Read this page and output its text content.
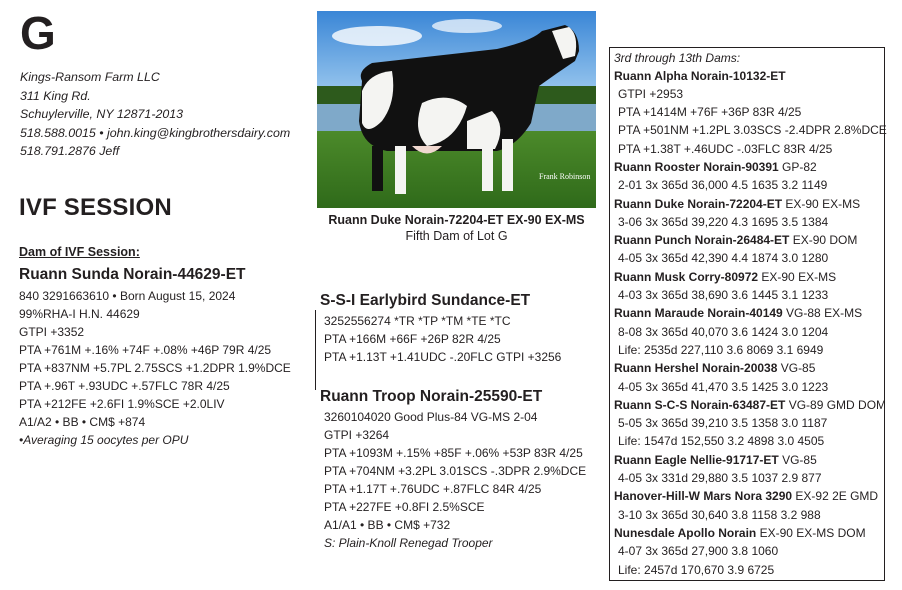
G
Kings-Ransom Farm LLC
311 King Rd.
Schuylerville, NY 12871-2013
518.588.0015 • john.king@kingbrothersdairy.com
518.791.2876 Jeff
IVF SESSION
Dam of IVF Session:
Ruann Sunda Norain-44629-ET
840 3291663610 • Born August 15, 2024
99%RHA-I H.N. 44629
GTPI +3352
PTA +761M +.16% +74F +.08% +46P 79R 4/25
PTA +837NM +5.7PL 2.75SCS +1.2DPR 1.9%DCE
PTA +.96T +.93UDC +.57FLC 78R 4/25
PTA +212FE +2.6FI 1.9%SCE +2.0LIV
A1/A2 • BB • CM$ +874
•Averaging 15 oocytes per OPU
Frank Robinson
Ruann Duke Norain-72204-ET EX-90 EX-MS
Fifth Dam of Lot G
S-S-I Earlybird Sundance-ET
3252556274 *TR *TP *TM *TE *TC
PTA +166M +66F +26P 82R 4/25
PTA +1.13T +1.41UDC -.20FLC GTPI +3256
Ruann Troop Norain-25590-ET
3260104020 Good Plus-84 VG-MS 2-04
GTPI +3264
PTA +1093M +.15% +85F +.06% +53P 83R 4/25
PTA +704NM +3.2PL 3.01SCS -.3DPR 2.9%DCE
PTA +1.17T +.76UDC +.87FLC 84R 4/25
PTA +227FE +0.8FI 2.5%SCE
A1/A1 • BB • CM$ +732
S: Plain-Knoll Renegad Trooper
3rd through 13th Dams:
Ruann Alpha Norain-10132-ET
GTPI +2953
PTA +1414M +76F +36P 83R 4/25
PTA +501NM +1.2PL 3.03SCS -2.4DPR 2.8%DCE
PTA +1.38T +.46UDC -.03FLC 83R 4/25
Ruann Rooster Norain-90391 GP-82
2-01 3x 365d 36,000 4.5 1635 3.2 1149
Ruann Duke Norain-72204-ET EX-90 EX-MS
3-06 3x 365d 39,220 4.3 1695 3.5 1384
Ruann Punch Norain-26484-ET EX-90 DOM
4-05 3x 365d 42,390 4.4 1874 3.0 1280
Ruann Musk Corry-80972 EX-90 EX-MS
4-03 3x 365d 38,690 3.6 1445 3.1 1233
Ruann Maraude Norain-40149 VG-88 EX-MS
8-08 3x 365d 40,070 3.6 1424 3.0 1204
Life: 2535d 227,110 3.6 8069 3.1 6949
Ruann Hershel Norain-20038 VG-85
4-05 3x 365d 41,470 3.5 1425 3.0 1223
Ruann S-C-S Norain-63487-ET VG-89 GMD DOM
5-05 3x 365d 39,210 3.5 1358 3.0 1187
Life: 1547d 152,550 3.2 4898 3.0 4505
Ruann Eagle Nellie-91717-ET VG-85
4-05 3x 331d 29,880 3.5 1037 2.9 877
Hanover-Hill-W Mars Nora 3290 EX-92 2E GMD
3-10 3x 365d 30,640 3.8 1158 3.2 988
Nunesdale Apollo Norain EX-90 EX-MS DOM
4-07 3x 365d 27,900 3.8 1060
Life: 2457d 170,670 3.9 6725
